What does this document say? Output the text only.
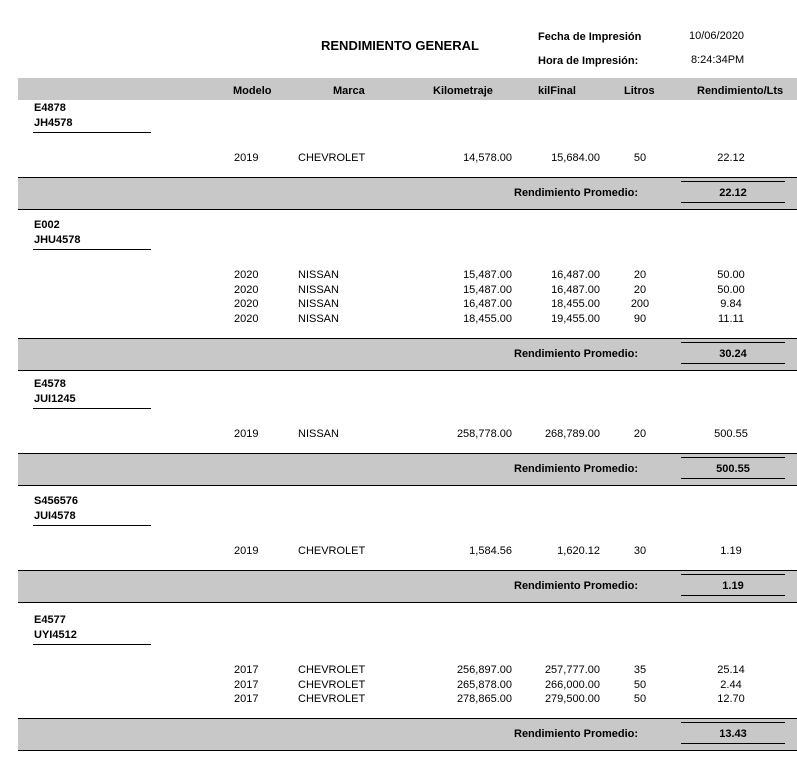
RENDIMIENTO GENERAL
Fecha de Impresión	10/06/2020
Hora de Impresión:	8:24:34PM
Modelo	Marca	Kilometraje	kilFinal	Litros	Rendimiento/Lts
E4878
JH4578
2019	CHEVROLET	14,578.00	15,684.00	50	22.12
Rendimiento Promedio:	22.12
E002
JHU4578
2020	NISSAN	15,487.00	16,487.00	20	50.00
2020	NISSAN	15,487.00	16,487.00	20	50.00
2020	NISSAN	16,487.00	18,455.00	200	9.84
2020	NISSAN	18,455.00	19,455.00	90	11.11
Rendimiento Promedio:	30.24
E4578
JUI1245
2019	NISSAN	258,778.00	268,789.00	20	500.55
Rendimiento Promedio:	500.55
S456576
JUI4578
2019	CHEVROLET	1,584.56	1,620.12	30	1.19
Rendimiento Promedio:	1.19
E4577
UYI4512
2017	CHEVROLET	256,897.00	257,777.00	35	25.14
2017	CHEVROLET	265,878.00	266,000.00	50	2.44
2017	CHEVROLET	278,865.00	279,500.00	50	12.70
Rendimiento Promedio:	13.43
